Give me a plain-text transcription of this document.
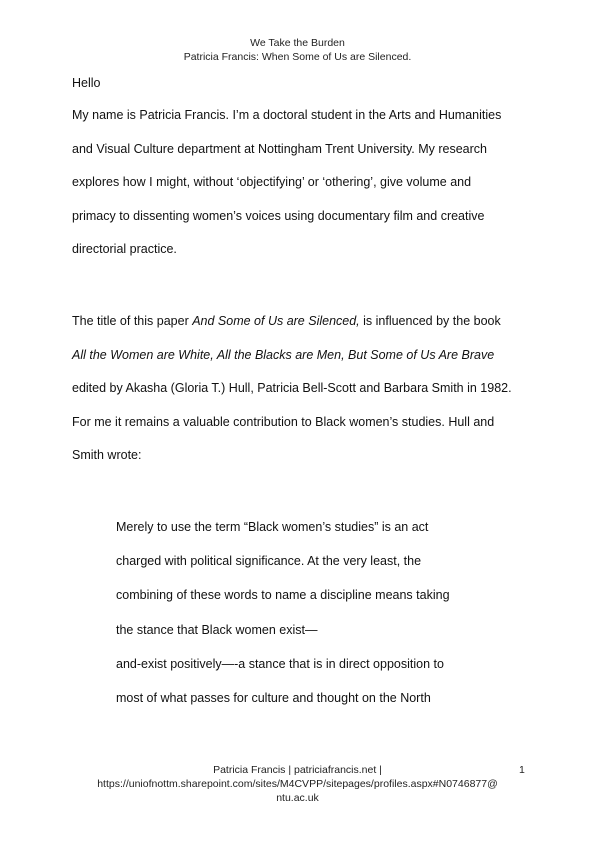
We Take the Burden
Patricia Francis: When Some of Us are Silenced.
Hello
My name is Patricia Francis. I’m a doctoral student in the Arts and Humanities
and Visual Culture department at Nottingham Trent University. My research
explores how I might, without ‘objectifying’ or ‘othering’, give volume and
primacy to dissenting women’s voices using documentary film and creative
directorial practice.
The title of this paper And Some of Us are Silenced, is influenced by the book
All the Women are White, All the Blacks are Men, But Some of Us Are Brave
edited by Akasha (Gloria T.) Hull, Patricia Bell-Scott and Barbara Smith in 1982.
For me it remains a valuable contribution to Black women’s studies. Hull and
Smith wrote:
Merely to use the term “Black women’s studies” is an act
charged with political significance. At the very least, the
combining of these words to name a discipline means taking
the stance that Black women exist—
and-exist positively—-a stance that is in direct opposition to
most of what passes for culture and thought on the North
Patricia Francis | patriciafrancis.net |
https://uniofnottm.sharepoint.com/sites/M4CVPP/sitepages/profiles.aspx#N0746877@
ntu.ac.uk
1
